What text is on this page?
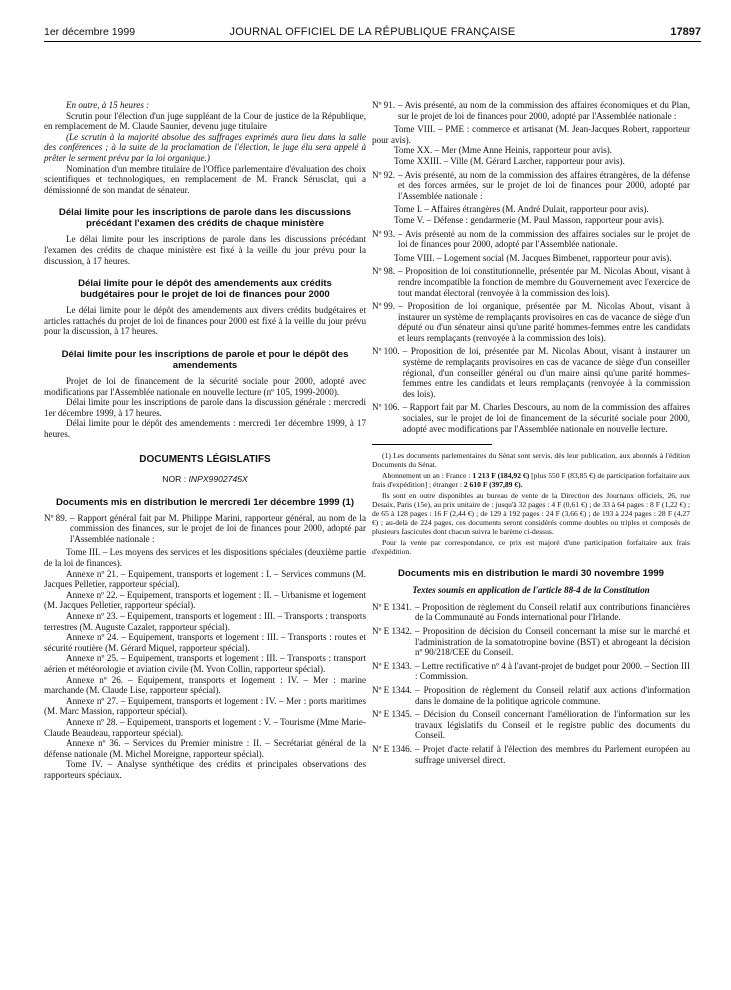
1er décembre 1999	JOURNAL OFFICIEL DE LA RÉPUBLIQUE FRANÇAISE	17897

En outre, à 15 heures :

Scrutin pour l'élection d'un juge suppléant de la Cour de justice de la République, en remplacement de M. Claude Saunier, devenu juge titulaire

(Le scrutin à la majorité absolue des suffrages exprimés aura lieu dans la salle des conférences ; à la suite de la proclamation de l'élection, le juge élu sera appelé à prêter le serment prévu par la loi organique.)

Nomination d'un membre titulaire de l'Office parlementaire d'évaluation des choix scientifiques et technologiques, en remplacement de M. Franck Sérusclat, qui a démissionné de son mandat de sénateur.

Délai limite pour les inscriptions de parole dans les discussions précédant l'examen des crédits de chaque ministère

Le délai limite pour les inscriptions de parole dans les discussions précédant l'examen des crédits de chaque ministère est fixé à la veille du jour prévu pour la discussion, à 17 heures.

Délai limite pour le dépôt des amendements aux crédits budgétaires pour le projet de loi de finances pour 2000

Le délai limite pour le dépôt des amendements aux divers crédits budgétaires et articles rattachés du projet de loi de finances pour 2000 est fixé à la veille du jour prévu pour la discussion, à 17 heures.

Délai limite pour les inscriptions de parole et pour le dépôt des amendements

Projet de loi de financement de la sécurité sociale pour 2000, adopté avec modifications par l'Assemblée nationale en nouvelle lecture (nº 105, 1999-2000).

Délai limite pour les inscriptions de parole dans la discussion générale : mercredi 1er décembre 1999, à 17 heures.

Délai limite pour le dépôt des amendements : mercredi 1er décembre 1999, à 17 heures.

DOCUMENTS LÉGISLATIFS
NOR : INPX9902745X
Documents mis en distribution le mercredi 1er décembre 1999 (1)
Nº 89. – Rapport général fait par M. Philippe Marini, rapporteur général, au nom de la commission des finances, sur le projet de loi de finances pour 2000, adopté par l'Assemblée nationale :

Tome III. – Les moyens des services et les dispositions spéciales (deuxième partie de la loi de finances).

Annexe nº 21. – Equipement, transports et logement : I. – Services communs (M. Jacques Pelletier, rapporteur spécial).

Annexe nº 22. – Equipement, transports et logement : II. – Urbanisme et logement (M. Jacques Pelletier, rapporteur spécial).

Annexe nº 23. – Equipement, transports et logement : III. – Transports : transports terrestres (M. Auguste Cazalet, rapporteur spécial).

Annexe nº 24. – Equipement, transports et logement : III. – Transports : routes et sécurité routière (M. Gérard Miquel, rapporteur spécial).

Annexe nº 25. – Equipement, transports et logement : III. – Transports : transport aérien et météorologie et aviation civile (M. Yvon Collin, rapporteur spécial).

Annexe nº 26. – Equipement, transports et logement : IV. – Mer : marine marchande (M. Claude Lise, rapporteur spécial).

Annexe nº 27. – Equipement, transports et logement : IV. – Mer : ports maritimes (M. Marc Massion, rapporteur spécial).

Annexe nº 28. – Equipement, transports et logement : V. – Tourisme (Mme Marie-Claude Beaudeau, rapporteur spécial).

Annexe nº 36. – Services du Premier ministre : II. – Secrétariat général de la défense nationale (M. Michel Moreigne, rapporteur spécial).

Tome IV. – Analyse synthétique des crédits et principales observations des rapporteurs spéciaux.

Nº 91. – Avis présenté, au nom de la commission des affaires économiques et du Plan, sur le projet de loi de finances pour 2000, adopté par l'Assemblée nationale :

Tome VIII. – PME : commerce et artisanat (M. Jean-Jacques Robert, rapporteur pour avis).

Tome XX. – Mer (Mme Anne Heinis, rapporteur pour avis).

Tome XXIII. – Ville (M. Gérard Larcher, rapporteur pour avis).

Nº 92. – Avis présenté, au nom de la commission des affaires étrangères, de la défense et des forces armées, sur le projet de loi de finances pour 2000, adopté par l'Assemblée nationale :

Tome I. – Affaires étrangères (M. André Dulait, rapporteur pour avis).

Tome V. – Défense : gendarmerie (M. Paul Masson, rapporteur pour avis).

Nº 93. – Avis présenté au nom de la commission des affaires sociales sur le projet de loi de finances pour 2000, adopté par l'Assemblée nationale.

Tome VIII. – Logement social (M. Jacques Bimbenet, rapporteur pour avis).

Nº 98. – Proposition de loi constitutionnelle, présentée par M. Nicolas About, visant à rendre incompatible la fonction de membre du Gouvernement avec l'exercice de tout mandat électoral (renvoyée à la commission des lois).
Nº 99. – Proposition de loi organique, présentée par M. Nicolas About, visant à instaurer un système de remplaçants provisoires en cas de vacance de siège d'un député ou d'un sénateur ainsi qu'une parité hommes-femmes entre les candidats et leurs remplaçants (renvoyée à la commission des lois).
Nº 100. – Proposition de loi, présentée par M. Nicolas About, visant à instaurer un système de remplaçants provisoires en cas de vacance de siège d'un conseiller régional, d'un conseiller général ou d'un maire ainsi qu'une parité hommes-femmes entre les candidats et leurs remplaçants (renvoyée à la commission des lois).
Nº 106. – Rapport fait par M. Charles Descours, au nom de la commission des affaires sociales, sur le projet de loi de financement de la sécurité sociale pour 2000, adopté avec modifications par l'Assemblée nationale en nouvelle lecture.

(1) Les documents parlementaires du Sénat sont servis, dès leur publication, aux abonnés à l'édition Documents du Sénat.

Abonnement un an : France : 1 213 F (184,92 €) [plus 550 F (83,85 €) de participation forfaitaire aux frais d'expédition] ; étranger : 2 610 F (397,89 €).

Ils sont en outre disponibles au bureau de vente de la Direction des Journaux officiels, 26, rue Desaix, Paris (15e), au prix unitaire de : jusqu'à 32 pages : 4 F (0,61 €) ; de 33 à 64 pages : 8 F (1,22 €) ; de 65 à 128 pages : 16 F (2,44 €) ; de 129 à 192 pages : 24 F (3,66 €) ; de 193 à 224 pages : 28 F (4,27 €) ; au-delà de 224 pages, ces documents seront considérés comme doubles ou triples et composés de plusieurs fascicules dont chacun suivra le barème ci-dessus.

Pour la vente par correspondance, ce prix est majoré d'une participation forfaitaire aux frais d'expédition.

Documents mis en distribution le mardi 30 novembre 1999
Textes soumis en application de l'article 88-4 de la Constitution
Nº E 1341. – Proposition de règlement du Conseil relatif aux contributions financières de la Communauté au Fonds international pour l'Irlande.
Nº E 1342. – Proposition de décision du Conseil concernant la mise sur le marché et l'administration de la somatotropine bovine (BST) et abrogeant la décision nº 90/218/CEE du Conseil.
Nº E 1343. – Lettre rectificative nº 4 à l'avant-projet de budget pour 2000. – Section III : Commission.
Nº E 1344. – Proposition de règlement du Conseil relatif aux actions d'information dans le domaine de la politique agricole commune.
Nº E 1345. – Décision du Conseil concernant l'amélioration de l'information sur les travaux législatifs du Conseil et le registre public des documents du Conseil.
Nº E 1346. – Projet d'acte relatif à l'élection des membres du Parlement européen au suffrage universel direct.
